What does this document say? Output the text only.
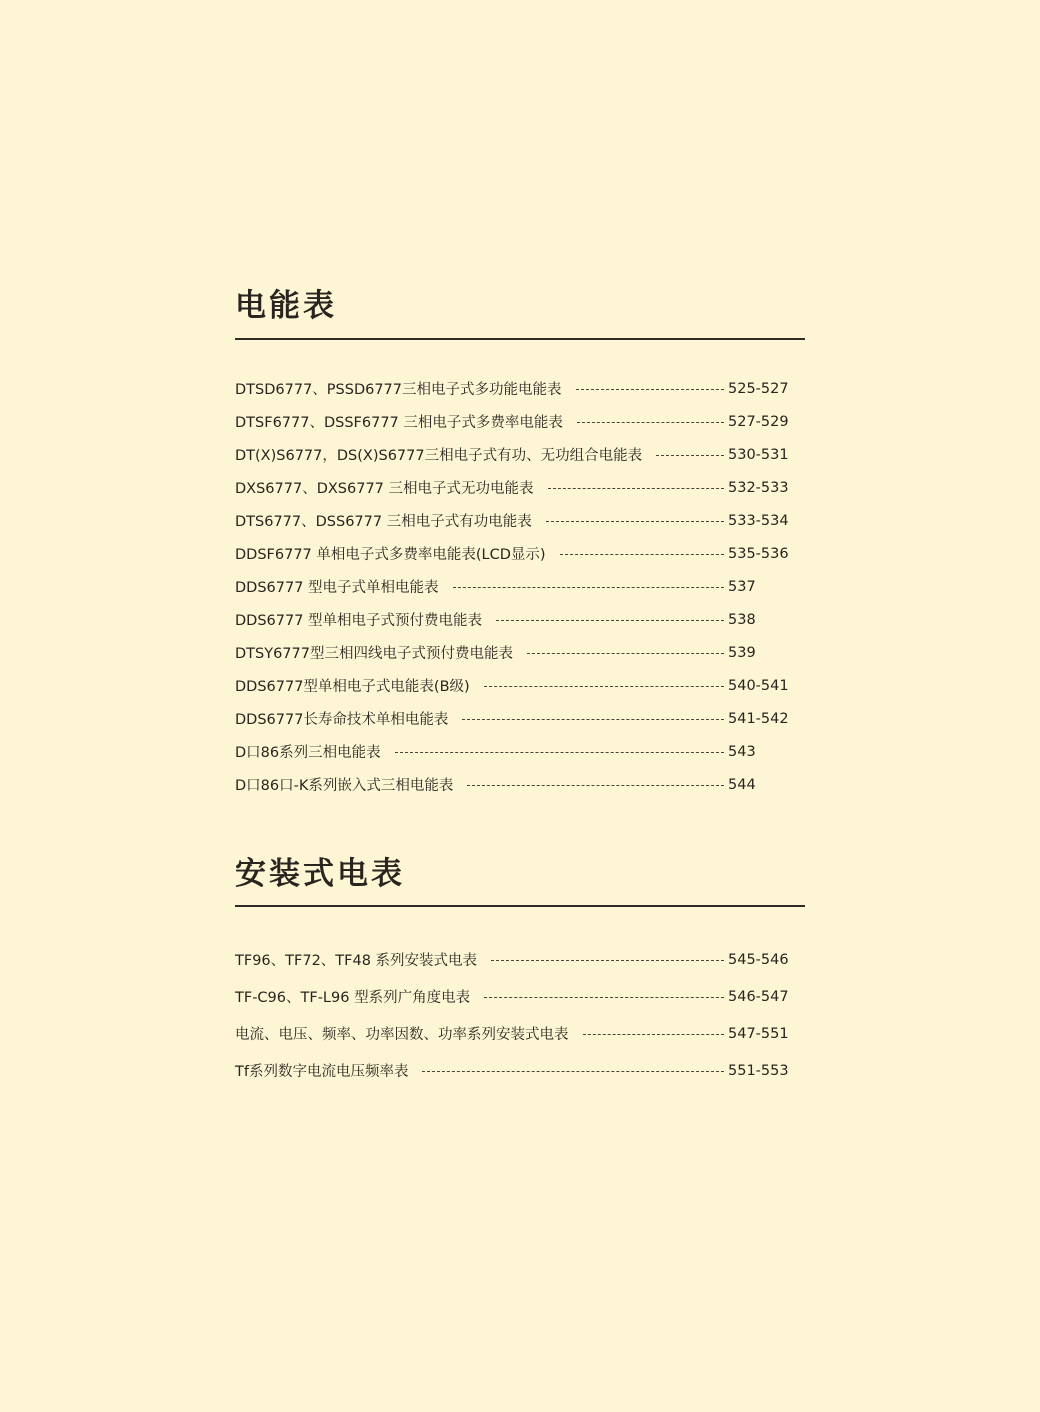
电能表
DTSD6777、PSSD6777三相电子式多功能电能表	525-527
DTSF6777、DSSF6777 三相电子式多费率电能表	527-529
DT(X)S6777，DS(X)S6777三相电子式有功、无功组合电能表	530-531
DXS6777、DXS6777 三相电子式无功电能表	532-533
DTS6777、DSS6777 三相电子式有功电能表	533-534
DDSF6777 单相电子式多费率电能表(LCD显示)	535-536
DDS6777 型电子式单相电能表	537
DDS6777 型单相电子式预付费电能表	538
DTSY6777型三相四线电子式预付费电能表	539
DDS6777型单相电子式电能表(B级)	540-541
DDS6777长寿命技术单相电能表	541-542
D口86系列三相电能表	543
D口86口-K系列嵌入式三相电能表	544
安装式电表
TF96、TF72、TF48 系列安装式电表	545-546
TF-C96、TF-L96 型系列广角度电表	546-547
电流、电压、频率、功率因数、功率系列安装式电表	547-551
Tf系列数字电流电压频率表	551-553
